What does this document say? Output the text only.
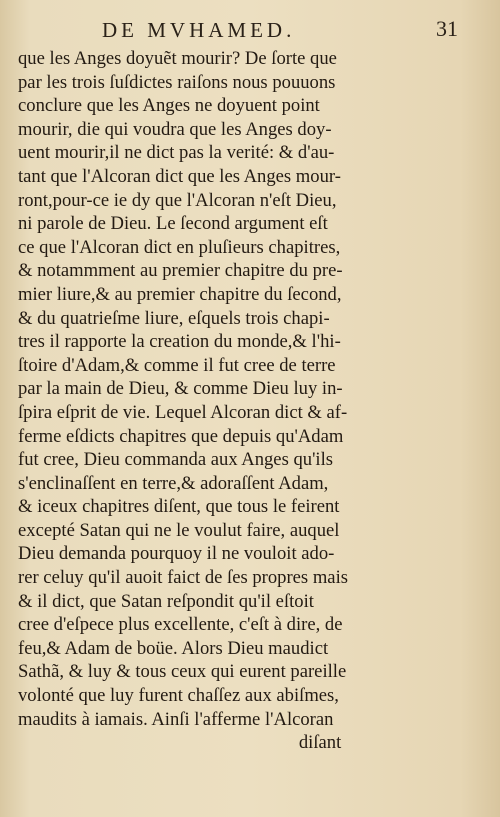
DE MVHAMED.	31
que les Anges doyuẽt mourir? De ſorte que
par les trois ſuſdictes raiſons nous pouuons
conclure que les Anges ne doyuent point
mourir, die qui voudra que les Anges doy-
uent mourir,il ne dict pas la verité: & d'au-
tant que l'Alcoran dict que les Anges mour-
ront,pour-ce ie dy que l'Alcoran n'eſt Dieu,
ni parole de Dieu. Le ſecond argument eſt
ce que l'Alcoran dict en pluſieurs chapitres,
& notammment au premier chapitre du pre-
mier liure,& au premier chapitre du ſecond,
& du quatrieſme liure, eſquels trois chapi-
tres il rapporte la creation du monde,& l'hi-
ſtoire d'Adam,& comme il fut cree de terre
par la main de Dieu, & comme Dieu luy in-
ſpira eſprit de vie. Lequel Alcoran dict & af-
ferme eſdicts chapitres que depuis qu'Adam
fut cree, Dieu commanda aux Anges qu'ils
s'enclinaſſent en terre,& adoraſſent Adam,
& iceux chapitres diſent, que tous le feirent
excepté Satan qui ne le voulut faire, auquel
Dieu demanda pourquoy il ne vouloit ado-
rer celuy qu'il auoit faict de ſes propres mais
& il dict, que Satan reſpondit qu'il eſtoit
cree d'eſpece plus excellente, c'eſt à dire, de
feu,& Adam de boüe. Alors Dieu maudict
Sathã, & luy & tous ceux qui eurent pareille
volonté que luy furent chaſſez aux abiſmes,
maudits à iamais. Ainſi l'afferme l'Alcoran
diſant
